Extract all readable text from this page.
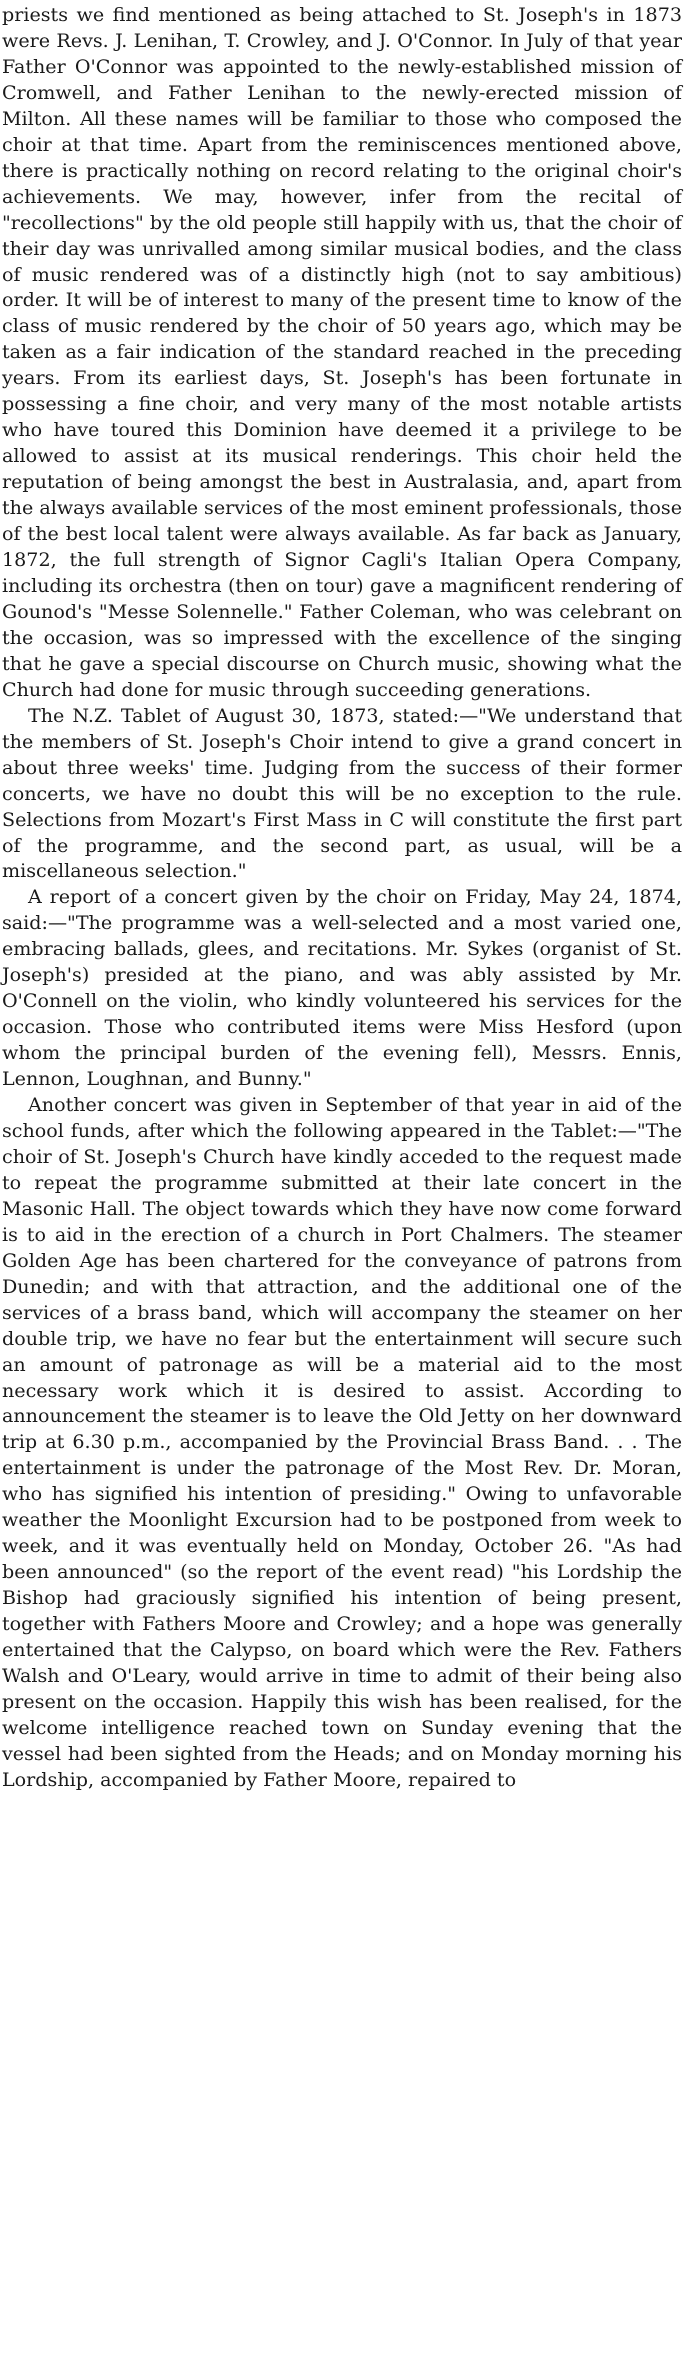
priests we find mentioned as being attached to St. Joseph's in 1873 were Revs. J. Lenihan, T. Crowley, and J. O'Connor. In July of that year Father O'Connor was appointed to the newly-established mission of Cromwell, and Father Lenihan to the newly-erected mission of Milton. All these names will be familiar to those who composed the choir at that time. Apart from the reminiscences mentioned above, there is practically nothing on record relating to the original choir's achievements. We may, however, infer from the recital of "recollections" by the old people still happily with us, that the choir of their day was unrivalled among similar musical bodies, and the class of music rendered was of a distinctly high (not to say ambitious) order. It will be of interest to many of the present time to know of the class of music rendered by the choir of 50 years ago, which may be taken as a fair indication of the standard reached in the preceding years. From its earliest days, St. Joseph's has been fortunate in possessing a fine choir, and very many of the most notable artists who have toured this Dominion have deemed it a privilege to be allowed to assist at its musical renderings. This choir held the reputation of being amongst the best in Australasia, and, apart from the always available services of the most eminent professionals, those of the best local talent were always available. As far back as January, 1872, the full strength of Signor Cagli's Italian Opera Company, including its orchestra (then on tour) gave a magnificent rendering of Gounod's "Messe Solennelle." Father Coleman, who was celebrant on the occasion, was so impressed with the excellence of the singing that he gave a special discourse on Church music, showing what the Church had done for music through succeeding generations.

The N.Z. Tablet of August 30, 1873, stated:—"We understand that the members of St. Joseph's Choir intend to give a grand concert in about three weeks' time. Judging from the success of their former concerts, we have no doubt this will be no exception to the rule. Selections from Mozart's First Mass in C will constitute the first part of the programme, and the second part, as usual, will be a miscellaneous selection."

A report of a concert given by the choir on Friday, May 24, 1874, said:—"The programme was a well-selected and a most varied one, embracing ballads, glees, and recitations. Mr. Sykes (organist of St. Joseph's) presided at the piano, and was ably assisted by Mr. O'Connell on the violin, who kindly volunteered his services for the occasion. Those who contributed items were Miss Hesford (upon whom the principal burden of the evening fell), Messrs. Ennis, Lennon, Loughnan, and Bunny."

Another concert was given in September of that year in aid of the school funds, after which the following appeared in the Tablet:—"The choir of St. Joseph's Church have kindly acceded to the request made to repeat the programme submitted at their late concert in the Masonic Hall. The object towards which they have now come forward is to aid in the erection of a church in Port Chalmers. The steamer Golden Age has been chartered for the conveyance of patrons from Dunedin; and with that attraction, and the additional one of the services of a brass band, which will accompany the steamer on her double trip, we have no fear but the entertainment will secure such an amount of patronage as will be a material aid to the most necessary work which it is desired to assist. According to announcement the steamer is to leave the Old Jetty on her downward trip at 6.30 p.m., accompanied by the Provincial Brass Band. . . The entertainment is under the patronage of the Most Rev. Dr. Moran, who has signified his intention of presiding." Owing to unfavorable weather the Moonlight Excursion had to be postponed from week to week, and it was eventually held on Monday, October 26. "As had been announced" (so the report of the event read) "his Lordship the Bishop had graciously signified his intention of being present, together with Fathers Moore and Crowley; and a hope was generally entertained that the Calypso, on board which were the Rev. Fathers Walsh and O'Leary, would arrive in time to admit of their being also present on the occasion. Happily this wish has been realised, for the welcome intelligence reached town on Sunday evening that the vessel had been sighted from the Heads; and on Monday morning his Lordship, accompanied by Father Moore, repaired to
